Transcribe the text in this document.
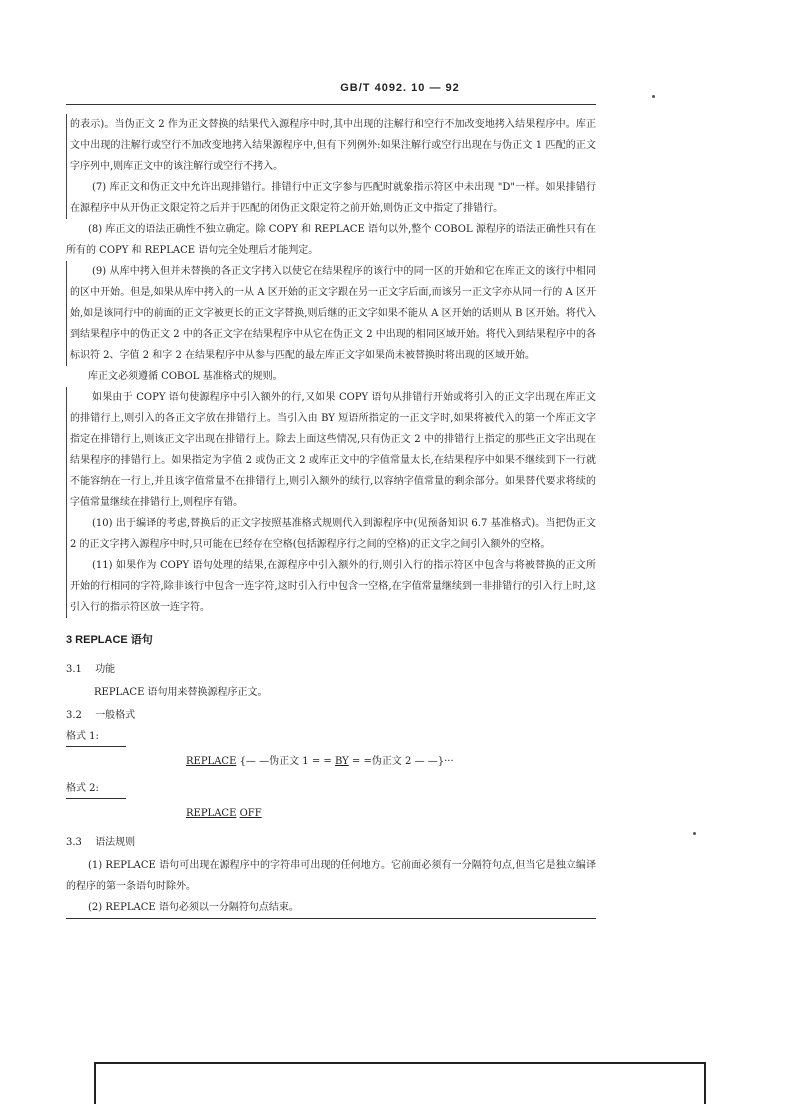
GB/T 4092. 10 — 92

的表示)。当伪正文 2 作为正文替换的结果代入源程序中时,其中出现的注解行和空行不加改变地拷入结果程序中。库正文中出现的注解行或空行不加改变地拷入结果源程序中,但有下列例外:如果注解行或空行出现在与伪正文 1 匹配的正文字序列中,则库正文中的该注解行或空行不拷入。

(7) 库正文和伪正文中允许出现排错行。排错行中正文字参与匹配时就象指示符区中未出现 "D"一样。如果排错行在源程序中从开伪正文限定符之后并于匹配的闭伪正文限定符之前开始,则伪正文中指定了排错行。

(8) 库正文的语法正确性不独立确定。除 COPY 和 REPLACE 语句以外,整个 COBOL 源程序的语法正确性只有在所有的 COPY 和 REPLACE 语句完全处理后才能判定。

(9) 从库中拷入但并未替换的各正文字拷入以使它在结果程序的该行中的同一区的开始和它在库正文的该行中相同的区中开始。但是,如果从库中拷入的一从 A 区开始的正文字跟在另一正文字后面,而该另一正文字亦从同一行的 A 区开始,如是该同行中的前面的正文字被更长的正文字替换,则后继的正文字如果不能从 A 区开始的话则从 B 区开始。将代入到结果程序中的伪正文 2 中的各正文字在结果程序中从它在伪正文 2 中出现的相同区域开始。将代入到结果程序中的各标识符 2、字值 2 和字 2 在结果程序中从参与匹配的最左库正文字如果尚未被替换时将出现的区域开始。

库正文必须遵循 COBOL 基准格式的规则。

如果由于 COPY 语句使源程序中引入额外的行,又如果 COPY 语句从排错行开始或将引入的正文字出现在库正文的排错行上,则引入的各正文字放在排错行上。当引入由 BY 短语所指定的一正文字时,如果将被代入的第一个库正文字指定在排错行上,则该正文字出现在排错行上。除去上面这些情况,只有伪正文 2 中的排错行上指定的那些正文字出现在结果程序的排错行上。如果指定为字值 2 或伪正文 2 或库正文中的字值常量太长,在结果程序中如果不继续到下一行就不能容纳在一行上,并且该字值常量不在排错行上,则引入额外的续行,以容纳字值常量的剩余部分。如果替代要求将续的字值常量继续在排错行上,则程序有错。

(10) 出于编译的考虑,替换后的正文字按照基准格式规则代入到源程序中(见预备知识 6.7 基准格式)。当把伪正文 2 的正文字拷入源程序中时,只可能在已经存在空格(包括源程序行之间的空格)的正文字之间引入额外的空格。

(11) 如果作为 COPY 语句处理的结果,在源程序中引入额外的行,则引入行的指示符区中包含与将被替换的正文所开始的行相同的字符,除非该行中包含一连字符,这时引入行中包含一空格,在字值常量继续到一非排错行的引入行上时,这引入行的指示符区放一连字符。

3 REPLACE 语句
3.1 功能

REPLACE 语句用来替换源程序正文。

3.2 一般格式
格式 1:
REPLACE {— —伪正文 1 = = BY = =伪正文 2 — —}···
格式 2:
REPLACE OFF
3.3 语法规则

(1) REPLACE 语句可出现在源程序中的字符串可出现的任何地方。它前面必须有一分隔符句点,但当它是独立编译的程序的第一条语句时除外。

(2) REPLACE 语句必须以一分隔符句点结束。
